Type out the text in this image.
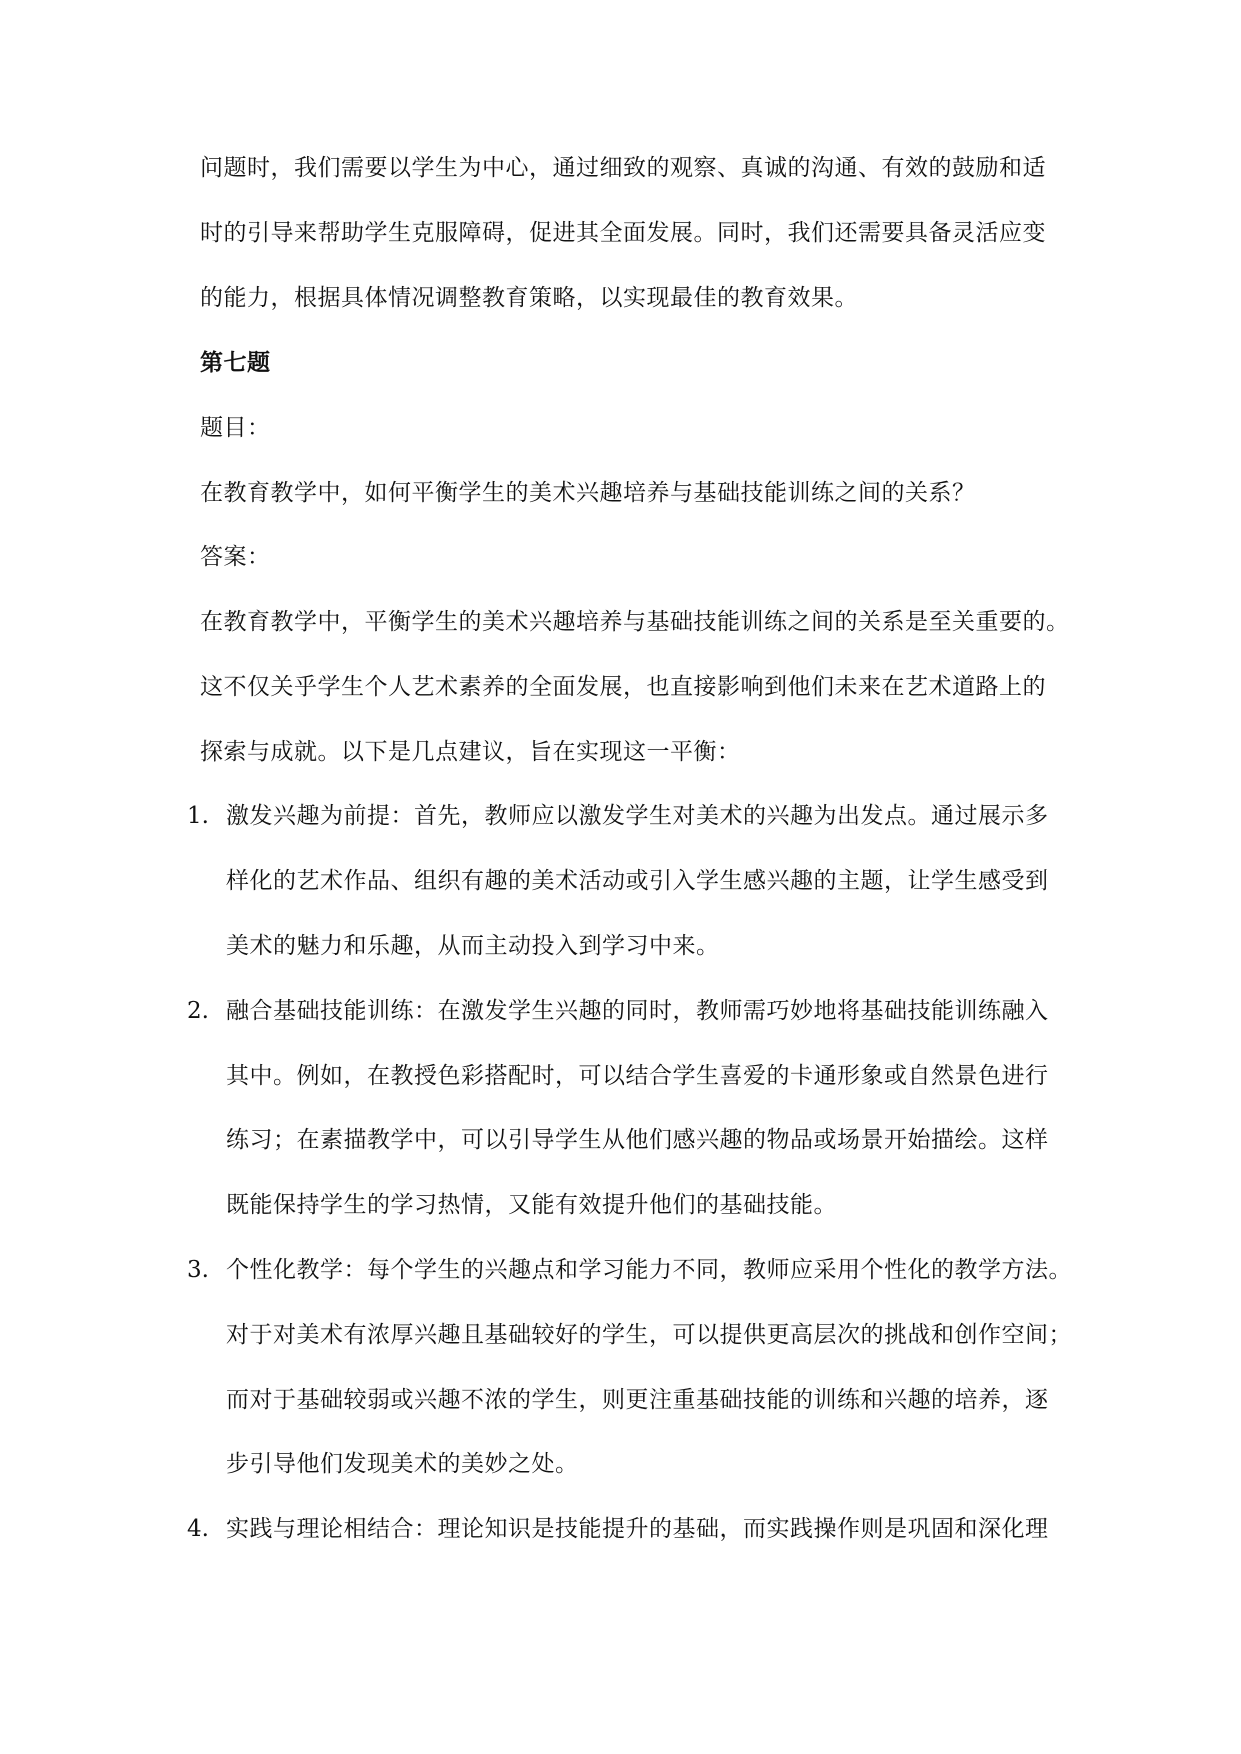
问题时，我们需要以学生为中心，通过细致的观察、真诚的沟通、有效的鼓励和适
时的引导来帮助学生克服障碍，促进其全面发展。同时，我们还需要具备灵活应变
的能力，根据具体情况调整教育策略，以实现最佳的教育效果。
第七题
题目：
在教育教学中，如何平衡学生的美术兴趣培养与基础技能训练之间的关系？
答案：
在教育教学中，平衡学生的美术兴趣培养与基础技能训练之间的关系是至关重要的。
这不仅关乎学生个人艺术素养的全面发展，也直接影响到他们未来在艺术道路上的
探索与成就。以下是几点建议，旨在实现这一平衡：
1. 激发兴趣为前提：首先，教师应以激发学生对美术的兴趣为出发点。通过展示多
样化的艺术作品、组织有趣的美术活动或引入学生感兴趣的主题，让学生感受到
美术的魅力和乐趣，从而主动投入到学习中来。
2. 融合基础技能训练：在激发学生兴趣的同时，教师需巧妙地将基础技能训练融入
其中。例如，在教授色彩搭配时，可以结合学生喜爱的卡通形象或自然景色进行
练习；在素描教学中，可以引导学生从他们感兴趣的物品或场景开始描绘。这样
既能保持学生的学习热情，又能有效提升他们的基础技能。
3. 个性化教学：每个学生的兴趣点和学习能力不同，教师应采用个性化的教学方法。
对于对美术有浓厚兴趣且基础较好的学生，可以提供更高层次的挑战和创作空间；
而对于基础较弱或兴趣不浓的学生，则更注重基础技能的训练和兴趣的培养，逐
步引导他们发现美术的美妙之处。
4. 实践与理论相结合：理论知识是技能提升的基础，而实践操作则是巩固和深化理
